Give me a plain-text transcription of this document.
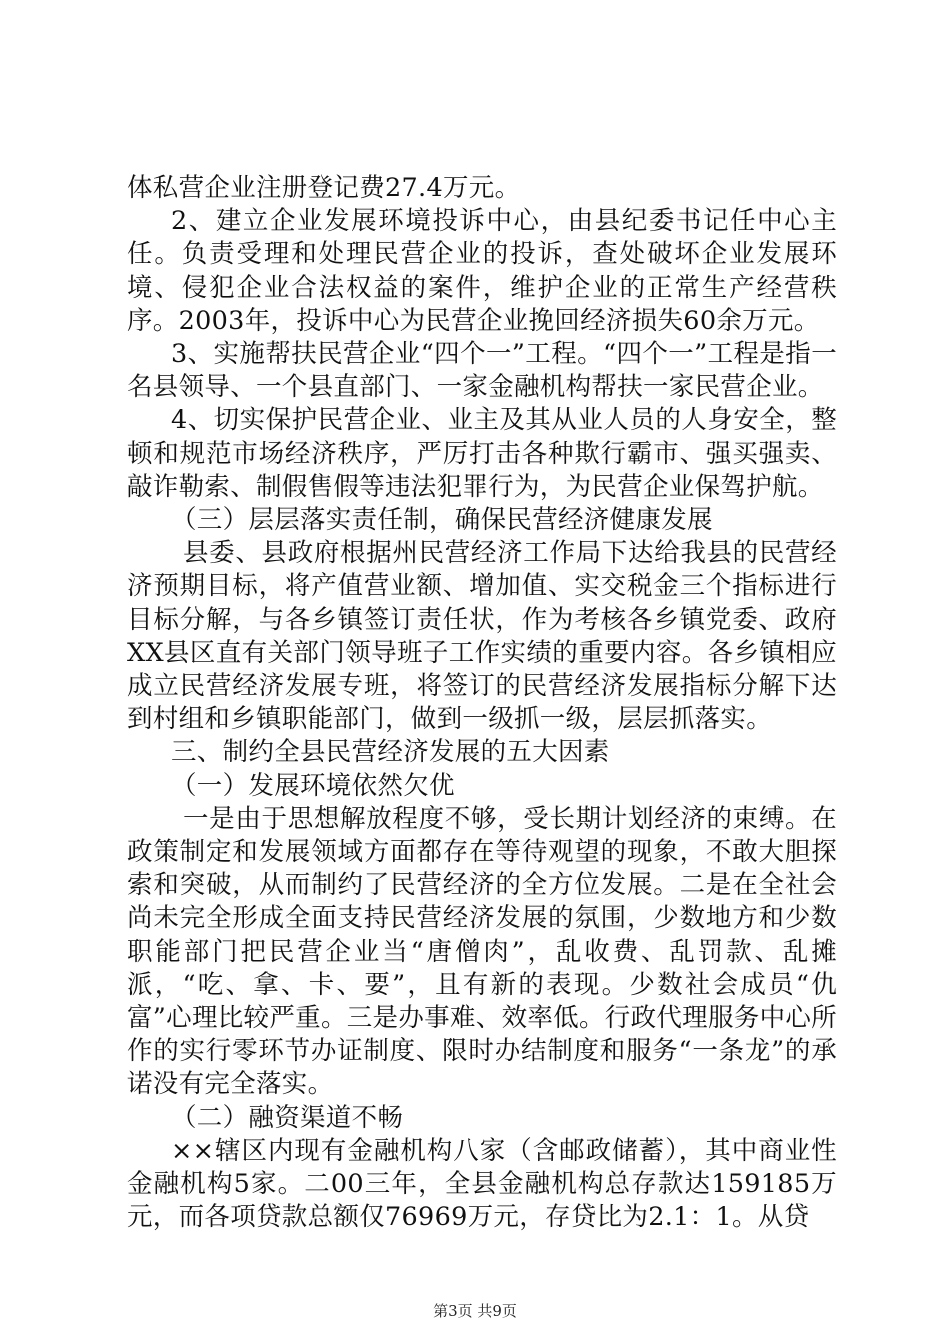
体私营企业注册登记费27.4万元。

2、建立企业发展环境投诉中心，由县纪委书记任中心主任。负责受理和处理民营企业的投诉，查处破坏企业发展环境、侵犯企业合法权益的案件，维护企业的正常生产经营秩序。2003年，投诉中心为民营企业挽回经济损失60余万元。

3、实施帮扶民营企业“四个一”工程。“四个一”工程是指一名县领导、一个县直部门、一家金融机构帮扶一家民营企业。

4、切实保护民营企业、业主及其从业人员的人身安全，整顿和规范市场经济秩序，严厉打击各种欺行霸市、强买强卖、敲诈勒索、制假售假等违法犯罪行为，为民营企业保驾护航。

（三）层层落实责任制，确保民营经济健康发展

县委、县政府根据州民营经济工作局下达给我县的民营经济预期目标，将产值营业额、增加值、实交税金三个指标进行目标分解，与各乡镇签订责任状，作为考核各乡镇党委、政府XX县区直有关部门领导班子工作实绩的重要内容。各乡镇相应成立民营经济发展专班，将签订的民营经济发展指标分解下达到村组和乡镇职能部门，做到一级抓一级，层层抓落实。

三、制约全县民营经济发展的五大因素

（一）发展环境依然欠优

一是由于思想解放程度不够，受长期计划经济的束缚。在政策制定和发展领域方面都存在等待观望的现象，不敢大胆探索和突破，从而制约了民营经济的全方位发展。二是在全社会尚未完全形成全面支持民营经济发展的氛围，少数地方和少数职能部门把民营企业当“唐僧肉”，乱收费、乱罚款、乱摊派，“吃、拿、卡、要”，且有新的表现。少数社会成员“仇富”心理比较严重。三是办事难、效率低。行政代理服务中心所作的实行零环节办证制度、限时办结制度和服务“一条龙”的承诺没有完全落实。

（二）融资渠道不畅

××辖区内现有金融机构八家（含邮政储蓄），其中商业性金融机构5家。二00三年，全县金融机构总存款达159185万元，而各项贷款总额仅76969万元，存贷比为2.1：1。从贷

第3页 共9页
